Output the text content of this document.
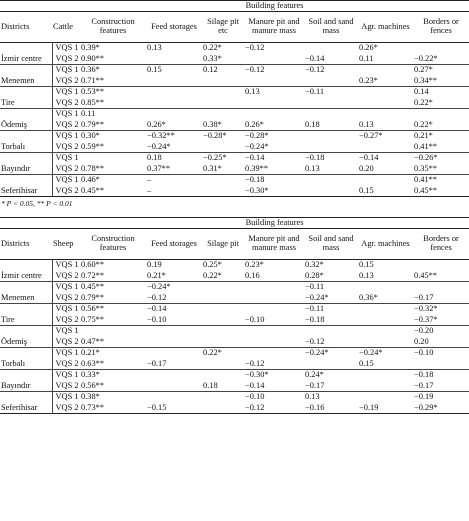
		Building features						
Districts	Cattle	Construction features	Feed storages	Silage pit etc	Manure pit and manure mass	Soil and sand mass	Agr. machines	Borders or fences
İzmir centre	VQS 1	0.39*	0.13	0.22*	−0.12		0.26*	
	VQS 2	0.90**		0.33*		−0.14	0.11	−0.22*
Menemen	VQS 1	0.36*	0.15	0.12	−0.12	−0.12		0.27*
	VQS 2	0.71**					0.23*	0.34**
Tire	VQS 1	0.53**			0.13	−0.11		0.14
	VQS 2	0.85**						0.22*
Ödemiş	VQS 1	0.11						
	VQS 2	0.79**	0.26*	0.38*	0.26*	0.18	0.13	0.22*
Torbalı	VQS 1	0.30*	−0.32**	−0.28*	−0.28*		−0.27*	0.21*
	VQS 2	0.59**	−0.24*		−0.24*			0.41**
Bayındır	VQS 1		0.18	−0.25*	−0.14	−0.18	−0.14	−0.26*
	VQS 2	0.78**	0.37**	0.31*	0.39**	0.13	0.20	0.35**
Seferihisar	VQS 1	0.46*	–		−0.18			0.41**
	VQS 2	0.45**	–		−0.30*		0.15	0.45**
* P < 0.05, ** P < 0.01
		Building features						
Districts	Sheep	Construction features	Feed storages	Silage pit	Manure pit and manure mass	Soil and sand mass	Agr. machines	Borders or fences
İzmir centre	VQS 1	0.60**	0.19	0.25*	0.23*	0.32*	0.15	
	VQS 2	0.72**	0.21*	0.22*	0.16	0.28*	0.13	0.45**
Menemen	VQS 1	0.45**	−0.24*			−0.11		
	VQS 2	0.79**	−0.12			−0.24*	0.36*	−0.17
Tire	VQS 1	0.56**	−0.14			−0.11		−0.32*
	VQS 2	0.75**	−0.10		−0.10	−0.18		−0.37*
Ödemiş	VQS 1							−0.20
	VQS 2	0.47**				−0.12		0.20
Torbalı	VQS 1	0.21*		0.22*		−0.24*	−0.24*	−0.10
	VQS 2	0.63**	−0.17		−0.12		0.15	
Bayındır	VQS 1	0.33*			−0.30*	0.24*		−0.18
	VQS 2	0.56**		0.18	−0.14	−0.17		−0.17
Seferihisar	VQS 1	0.38*			−0.10	0.13		−0.19
	VQS 2	0.73**	−0.15		−0.12	−0.16	−0.19	−0.29*
